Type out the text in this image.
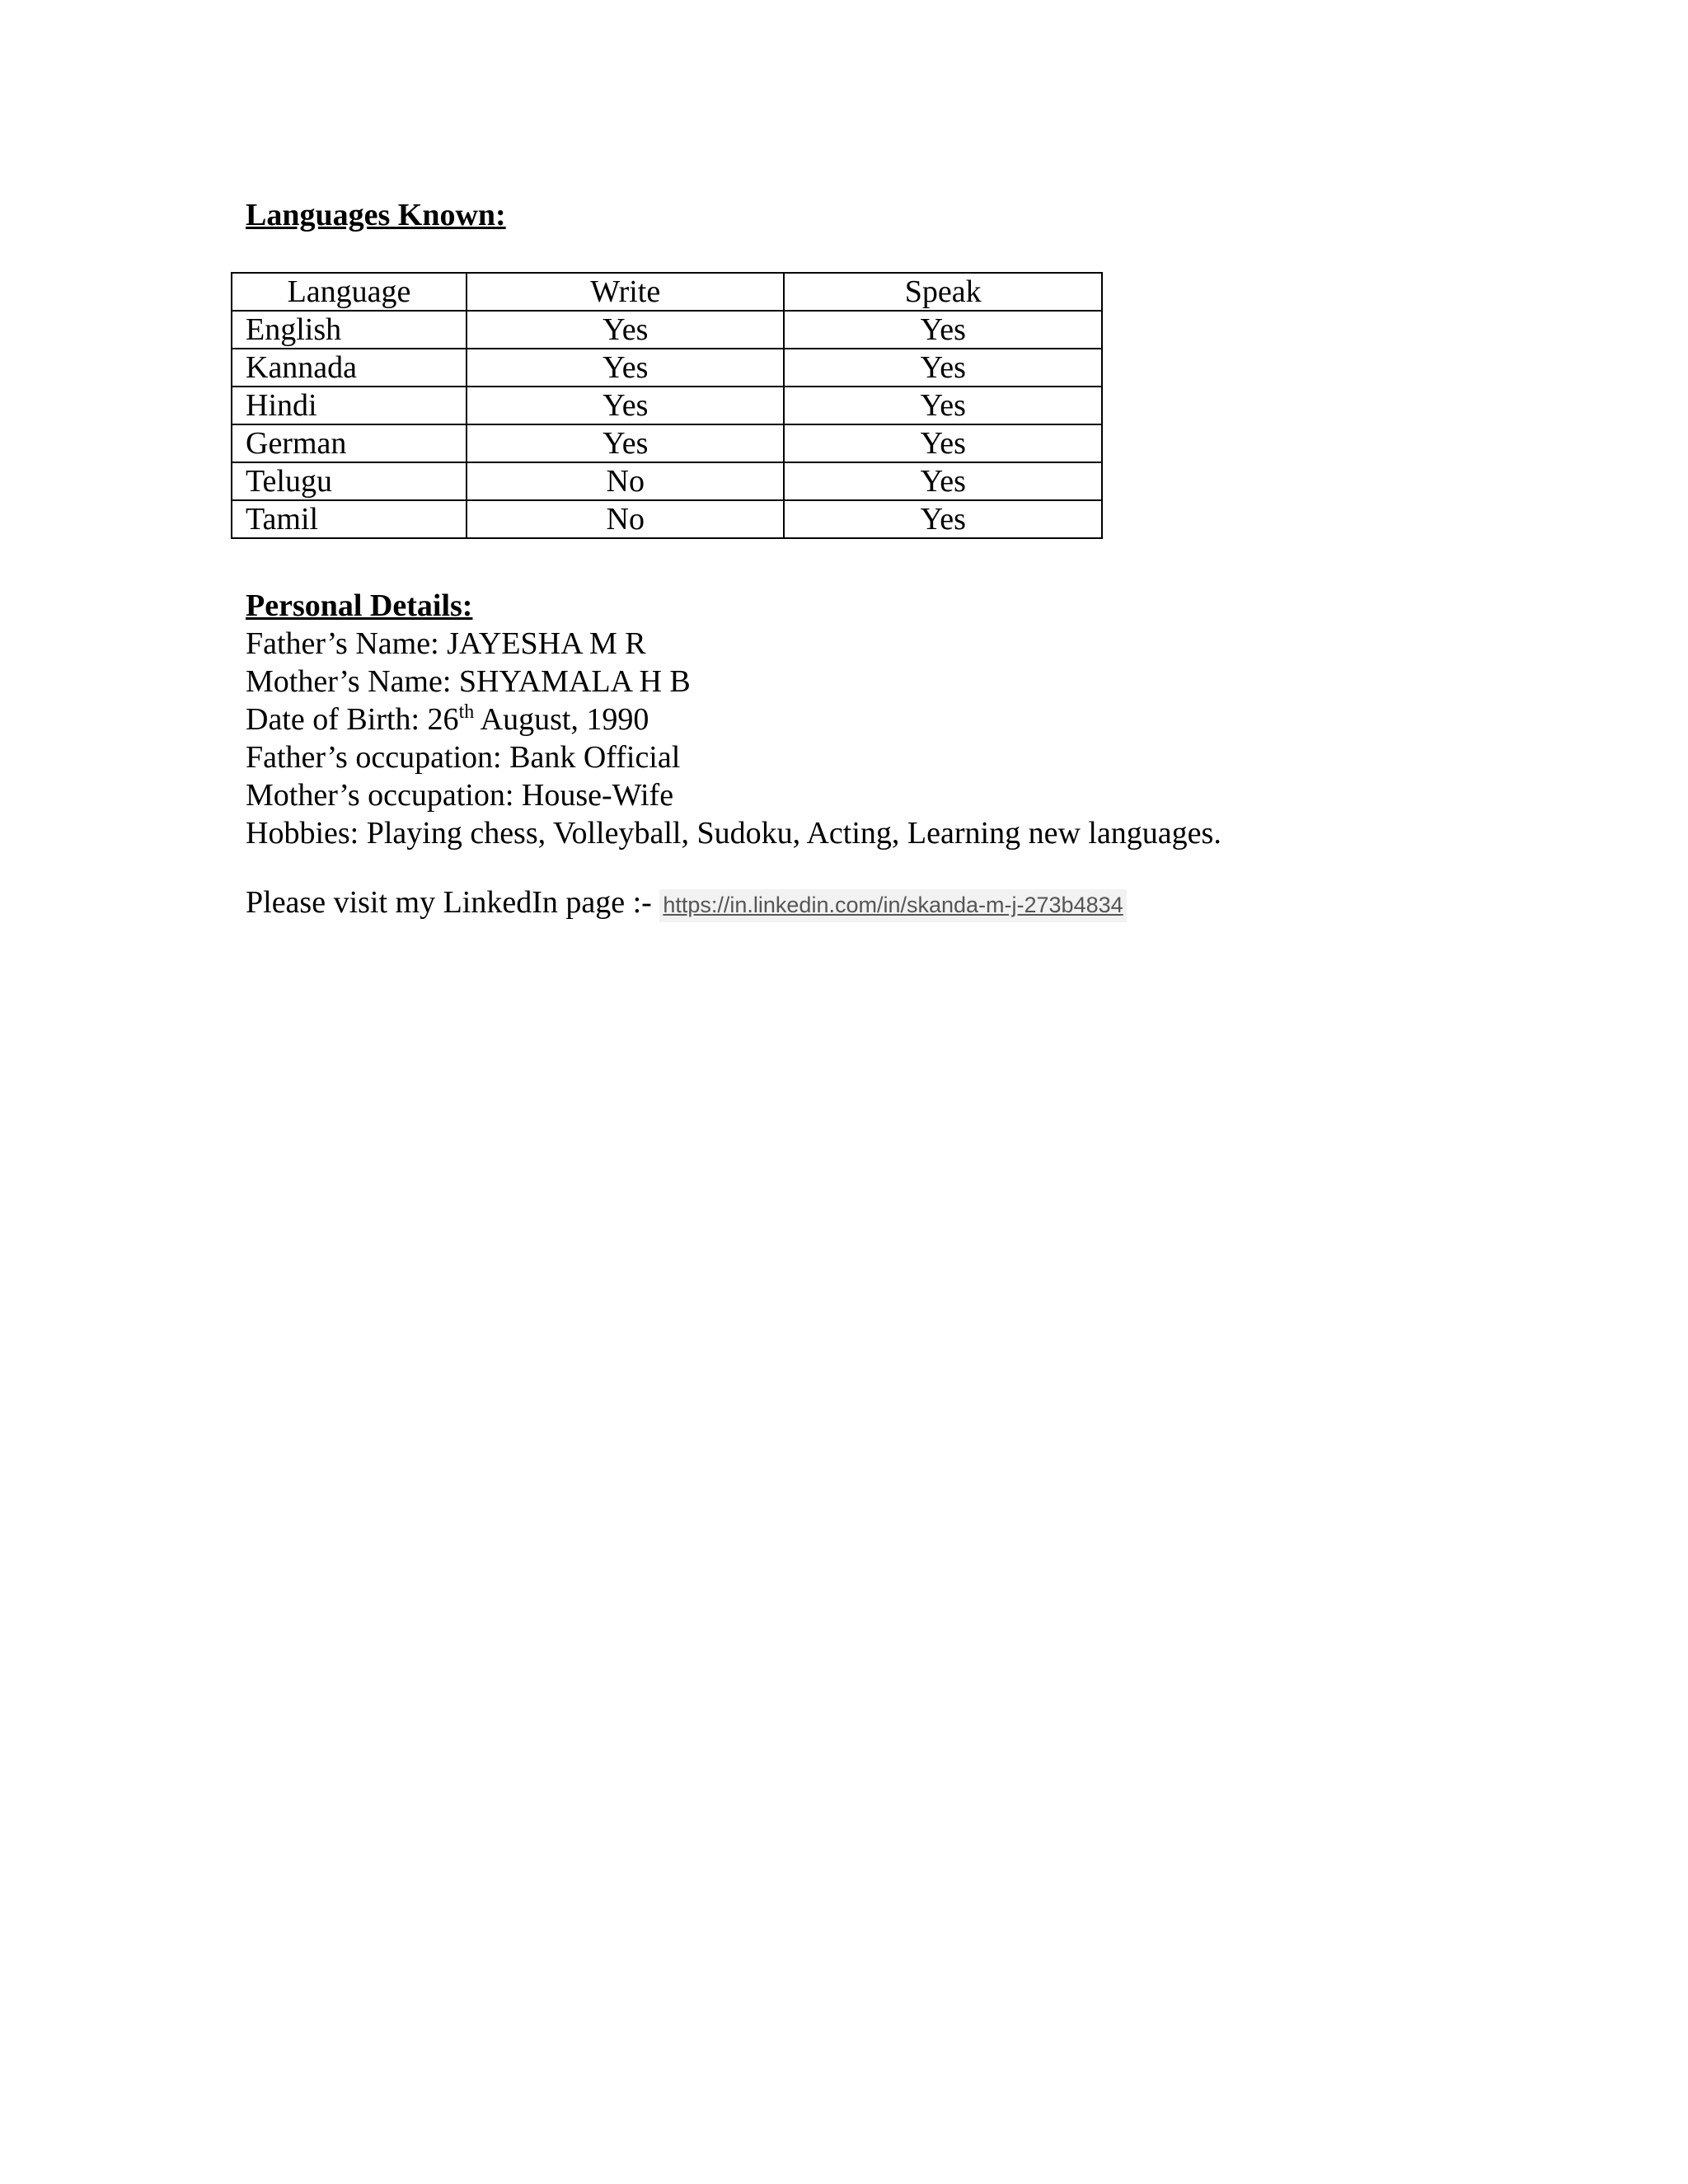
Languages Known:
Language	Write	Speak
English	Yes	Yes
Kannada	Yes	Yes
Hindi	Yes	Yes
German	Yes	Yes
Telugu	No	Yes
Tamil	No	Yes
Personal Details:
Father’s Name: JAYESHA M R
Mother’s Name: SHYAMALA H B
Date of Birth: 26th August, 1990
Father’s occupation: Bank Official
Mother’s occupation: House-Wife
Hobbies: Playing chess, Volleyball, Sudoku, Acting, Learning new languages.
Please visit my LinkedIn page :- https://in.linkedin.com/in/skanda-m-j-273b4834
